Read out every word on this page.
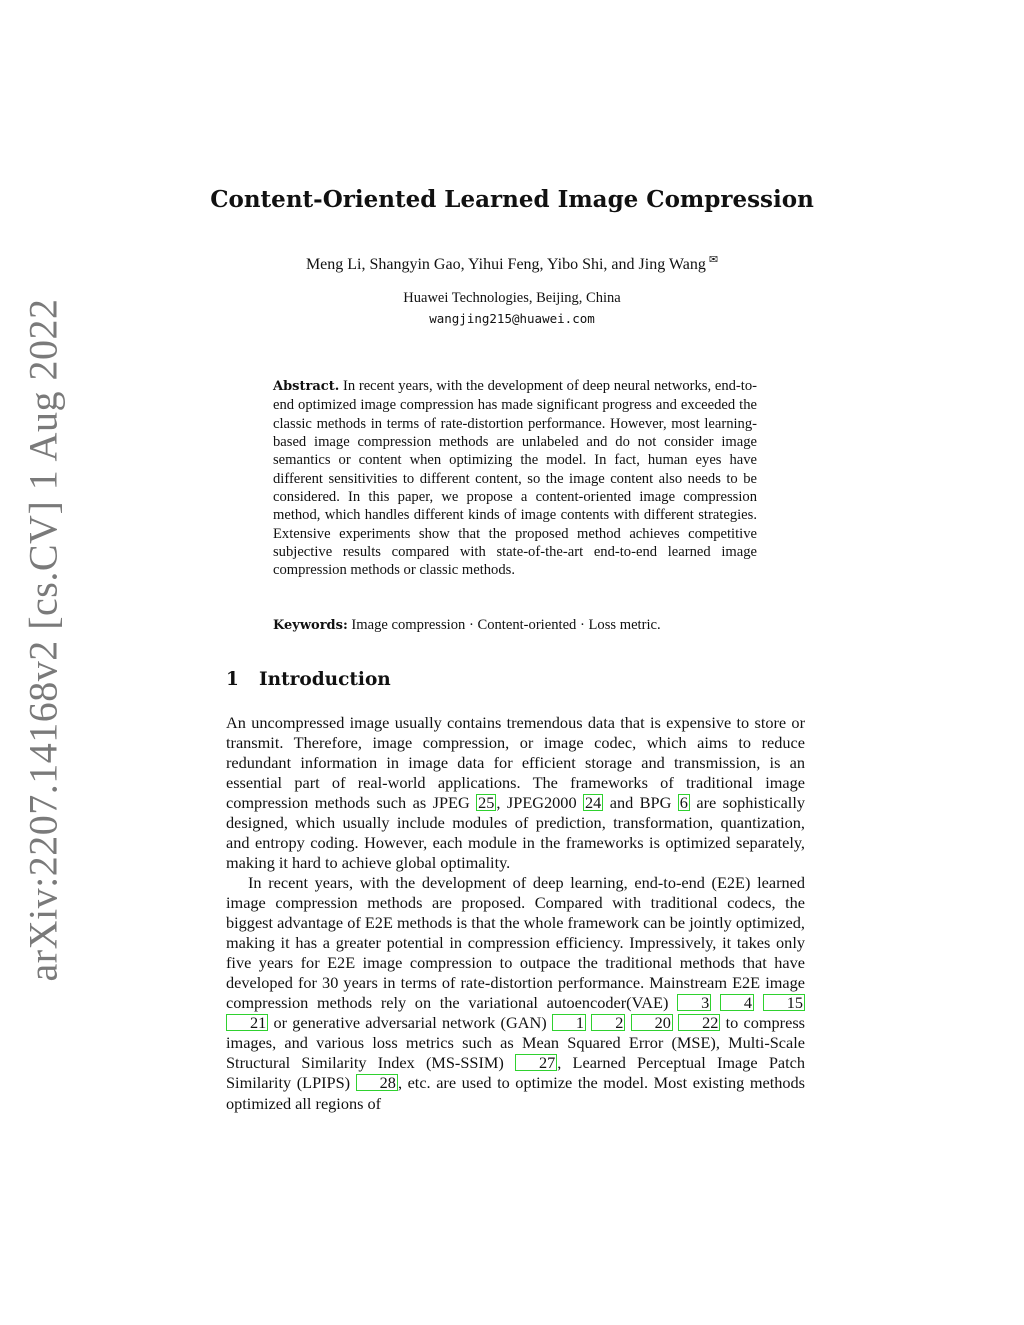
arXiv:2207.14168v2 [cs.CV] 1 Aug 2022
Content-Oriented Learned Image Compression
Meng Li, Shangyin Gao, Yihui Feng, Yibo Shi, and Jing Wang ✉
Huawei Technologies, Beijing, China
wangjing215@huawei.com

Abstract. In recent years, with the development of deep neural networks, end-to-end optimized image compression has made significant progress and exceeded the classic methods in terms of rate-distortion performance. However, most learning-based image compression methods are unlabeled and do not consider image semantics or content when optimizing the model. In fact, human eyes have different sensitivities to different content, so the image content also needs to be considered. In this paper, we propose a content-oriented image compression method, which handles different kinds of image contents with different strategies. Extensive experiments show that the proposed method achieves competitive subjective results compared with state-of-the-art end-to-end learned image compression methods or classic methods.

Keywords: Image compression · Content-oriented · Loss metric.

1 Introduction

An uncompressed image usually contains tremendous data that is expensive to store or transmit. Therefore, image compression, or image codec, which aims to reduce redundant information in image data for efficient storage and transmission, is an essential part of real-world applications. The frameworks of traditional image compression methods such as JPEG 25 , JPEG2000 24 and BPG 6 are sophistically designed, which usually include modules of prediction, transformation, quantization, and entropy coding. However, each module in the frameworks is optimized separately, making it hard to achieve global optimality.

In recent years, with the development of deep learning, end-to-end (E2E) learned image compression methods are proposed. Compared with traditional codecs, the biggest advantage of E2E methods is that the whole framework can be jointly optimized, making it has a greater potential in compression efficiency. Impressively, it takes only five years for E2E image compression to outpace the traditional methods that have developed for 30 years in terms of rate-distortion performance. Mainstream E2E image compression methods rely on the variational autoencoder(VAE) 3 4 15 21 or generative adversarial network (GAN) 1 2 20 22 to compress images, and various loss metrics such as Mean Squared Error (MSE), Multi-Scale Structural Similarity Index (MS-SSIM) 27 , Learned Perceptual Image Patch Similarity (LPIPS) 28 , etc. are used to optimize the model. Most existing methods optimized all regions of
